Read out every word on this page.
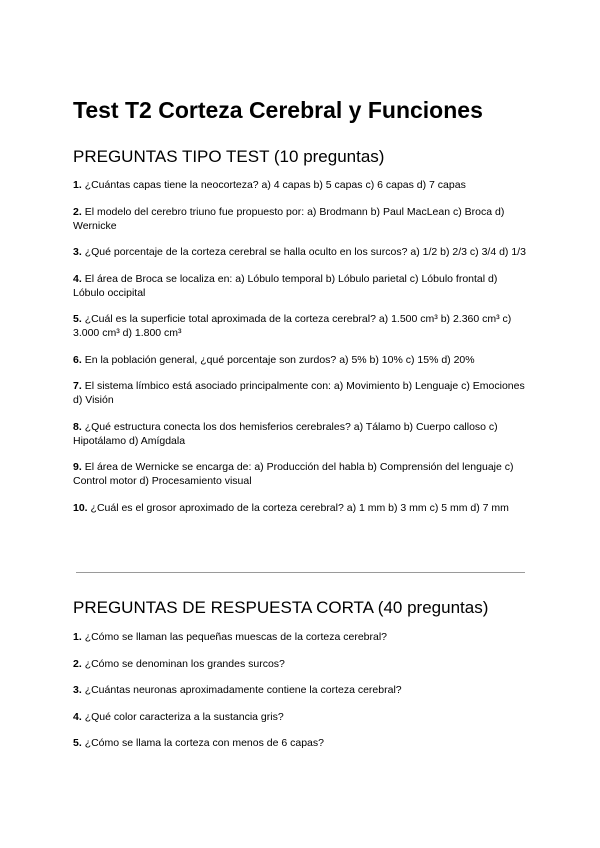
Test T2 Corteza Cerebral y Funciones
PREGUNTAS TIPO TEST (10 preguntas)
1. ¿Cuántas capas tiene la neocorteza? a) 4 capas b) 5 capas c) 6 capas d) 7 capas
2. El modelo del cerebro triuno fue propuesto por: a) Brodmann b) Paul MacLean c) Broca d) Wernicke
3. ¿Qué porcentaje de la corteza cerebral se halla oculto en los surcos? a) 1/2 b) 2/3 c) 3/4 d) 1/3
4. El área de Broca se localiza en: a) Lóbulo temporal b) Lóbulo parietal c) Lóbulo frontal d) Lóbulo occipital
5. ¿Cuál es la superficie total aproximada de la corteza cerebral? a) 1.500 cm³ b) 2.360 cm³ c) 3.000 cm³ d) 1.800 cm³
6. En la población general, ¿qué porcentaje son zurdos? a) 5% b) 10% c) 15% d) 20%
7. El sistema límbico está asociado principalmente con: a) Movimiento b) Lenguaje c) Emociones d) Visión
8. ¿Qué estructura conecta los dos hemisferios cerebrales? a) Tálamo b) Cuerpo calloso c) Hipotálamo d) Amígdala
9. El área de Wernicke se encarga de: a) Producción del habla b) Comprensión del lenguaje c) Control motor d) Procesamiento visual
10. ¿Cuál es el grosor aproximado de la corteza cerebral? a) 1 mm b) 3 mm c) 5 mm d) 7 mm
PREGUNTAS DE RESPUESTA CORTA (40 preguntas)
1. ¿Cómo se llaman las pequeñas muescas de la corteza cerebral?
2. ¿Cómo se denominan los grandes surcos?
3. ¿Cuántas neuronas aproximadamente contiene la corteza cerebral?
4. ¿Qué color caracteriza a la sustancia gris?
5. ¿Cómo se llama la corteza con menos de 6 capas?
